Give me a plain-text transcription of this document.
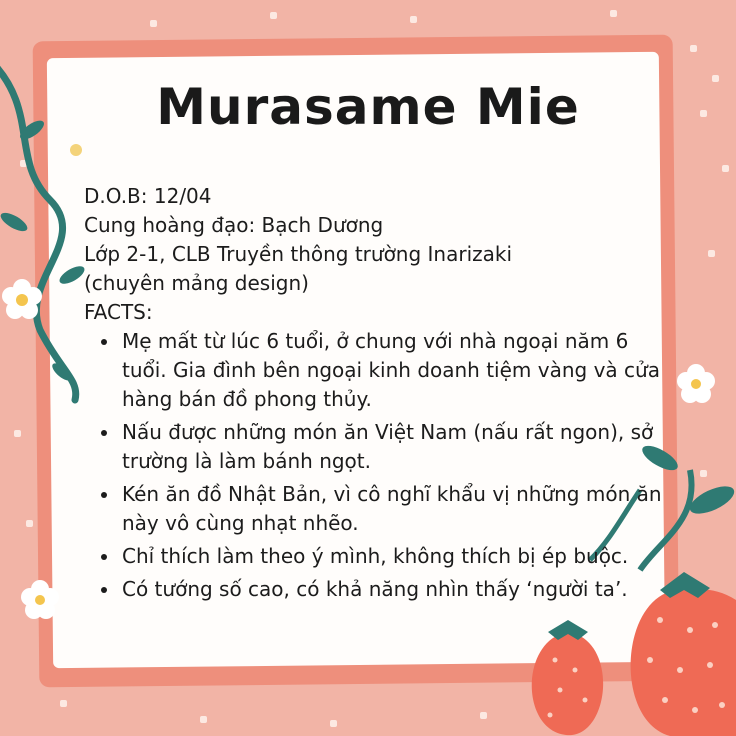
Murasame Mie

D.O.B: 12/04

Cung hoàng đạo: Bạch Dương

Lớp 2-1, CLB Truyền thông trường Inarizaki

(chuyên mảng design)

FACTS:

• Mẹ mất từ lúc 6 tuổi, ở chung với nhà ngoại năm 6 tuổi. Gia đình bên ngoại kinh doanh tiệm vàng và cửa hàng bán đồ phong thủy.
• Nấu được những món ăn Việt Nam (nấu rất ngon), sở trường là làm bánh ngọt.
• Kén ăn đồ Nhật Bản, vì cô nghĩ khẩu vị những món ăn này vô cùng nhạt nhẽo.
• Chỉ thích làm theo ý mình, không thích bị ép buộc.
• Có tướng số cao, có khả năng nhìn thấy ‘người ta’.
